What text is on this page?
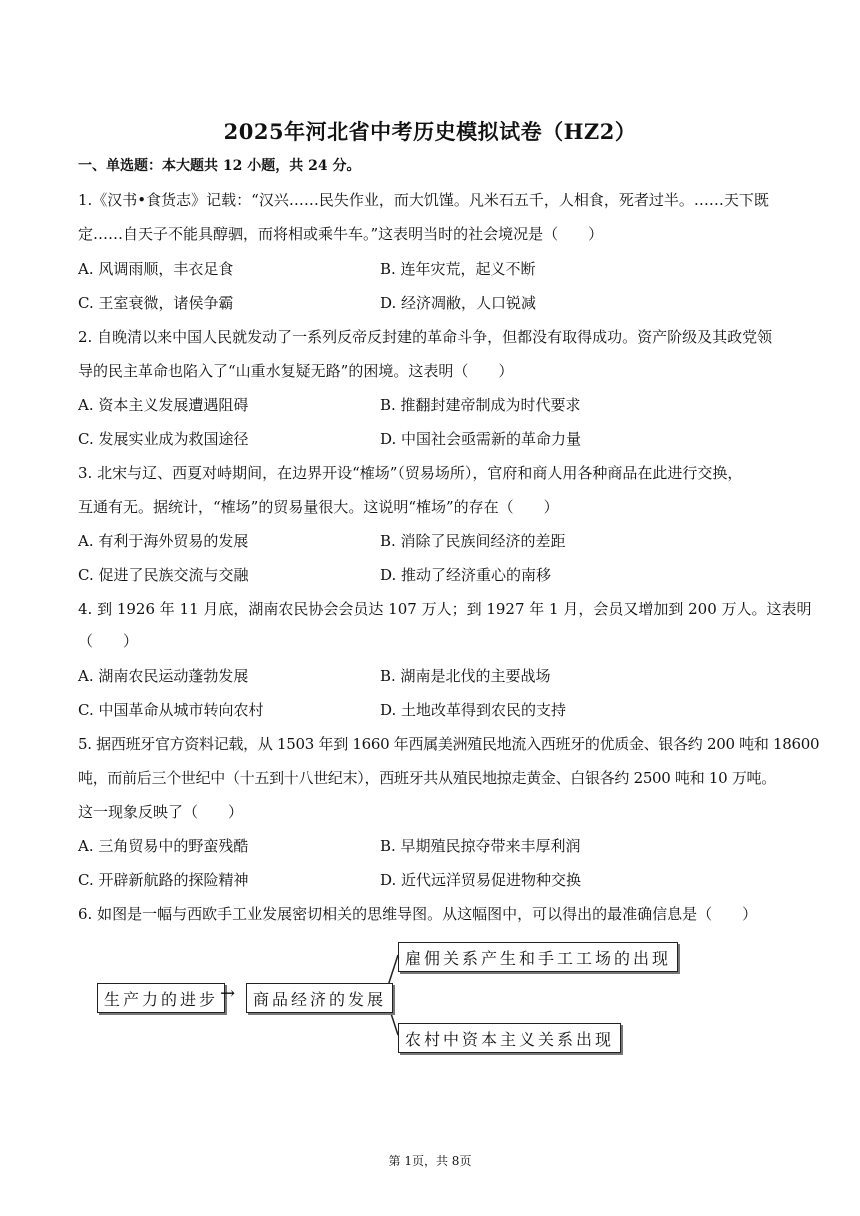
2025年河北省中考历史模拟试卷（HZ2）
一、单选题：本大题共 12 小题，共 24 分。
1.《汉书•食货志》记载：“汉兴……民失作业，而大饥馑。凡米石五千，人相食，死者过半。……天下既
定……自天子不能具醇驷，而将相或乘牛车。”这表明当时的社会境况是（　　）
A. 风调雨顺，丰衣足食	B. 连年灾荒，起义不断
C. 王室衰微，诸侯争霸	D. 经济凋敝，人口锐减
2. 自晚清以来中国人民就发动了一系列反帝反封建的革命斗争，但都没有取得成功。资产阶级及其政党领
导的民主革命也陷入了“山重水复疑无路”的困境。这表明（　　）
A. 资本主义发展遭遇阻碍	B. 推翻封建帝制成为时代要求
C. 发展实业成为救国途径	D. 中国社会亟需新的革命力量
3. 北宋与辽、西夏对峙期间，在边界开设“榷场”（贸易场所），官府和商人用各种商品在此进行交换，
互通有无。据统计，“榷场”的贸易量很大。这说明“榷场”的存在（　　）
A. 有利于海外贸易的发展	B. 消除了民族间经济的差距
C. 促进了民族交流与交融	D. 推动了经济重心的南移
4. 到 1926 年 11 月底，湖南农民协会会员达 107 万人；到 1927 年 1 月，会员又增加到 200 万人。这表明
（　　）
A. 湖南农民运动蓬勃发展	B. 湖南是北伐的主要战场
C. 中国革命从城市转向农村	D. 土地改革得到农民的支持
5. 据西班牙官方资料记载，从 1503 年到 1660 年西属美洲殖民地流入西班牙的优质金、银各约 200 吨和 18600
吨，而前后三个世纪中（十五到十八世纪末），西班牙共从殖民地掠走黄金、白银各约 2500 吨和 10 万吨。
这一现象反映了（　　）
A. 三角贸易中的野蛮残酷	B. 早期殖民掠夺带来丰厚利润
C. 开辟新航路的探险精神	D. 近代远洋贸易促进物种交换
6. 如图是一幅与西欧手工业发展密切相关的思维导图。从这幅图中，可以得出的最准确信息是（　　）
生产力的进步 →	商品经济的发展
雇佣关系产生和手工工场的出现
农村中资本主义关系出现
第 1页，共 8页
